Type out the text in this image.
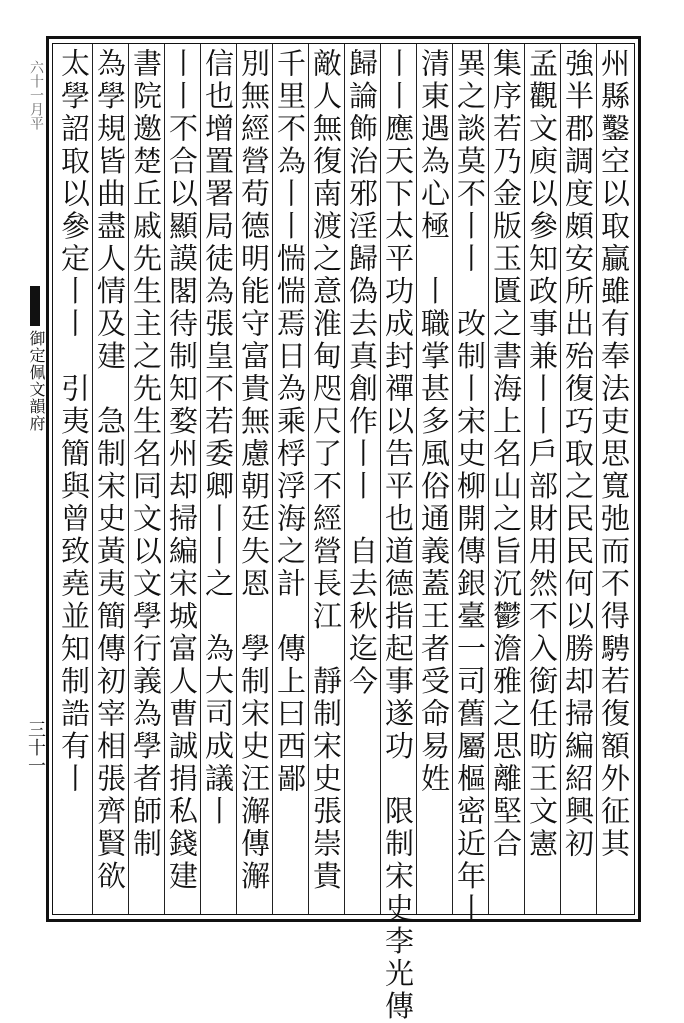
六十一月平
御定佩文韻府
三十一	州縣鑿空以取贏雖有奉法吏思寬弛而不得騁若復額外征其
強半郡調度頗安所出殆復巧取之民民何以勝却掃編紹興初
孟觀文庾以參知政事兼丨丨戶部財用然不入銜任昉王文憲
集序若乃金版玉匱之書海上名山之旨沉鬱澹雅之思離堅合
異之談莫不丨丨　改制丨宋史柳開傳銀臺一司舊屬樞密近年丨
清東遇為心極　丨職掌甚多風俗通義蓋王者受命易姓
丨丨應天下太平功成封禪以告平也道德指起事遂功　限制宋史李光傳
歸論飾治邪淫歸偽去真創作丨丨　自去秋迄今
敵人無復南渡之意淮甸咫尺了不經營長江　靜制宋史張崇貴
千里不為丨丨惴惴焉日為乘桴浮海之計　傳上曰西鄙
別無經營苟德明能守富貴無慮朝廷失恩　學制宋史汪澥傳澥
信也增置署局徒為張皇不若委卿丨丨之　為大司成議丨
丨丨不合以顯謨閣待制知婺州却掃編宋城富人曹誠捐私錢建
書院邀楚丘戚先生主之先生名同文以文學行義為學者師制
為學規皆曲盡人情及建　急制宋史黃夷簡傳初宰相張齊賢欲
太學詔取以參定丨丨　引夷簡與曾致堯並知制誥有丨
